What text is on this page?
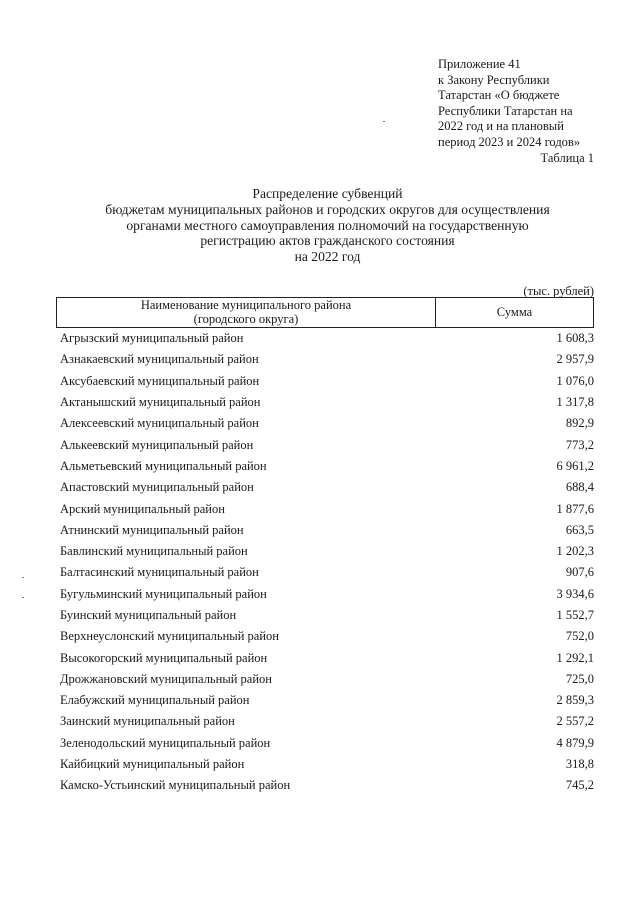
Приложение 41
к Закону Республики
Татарстан «О бюджете
Республики Татарстан на
2022 год и на плановый
период 2023 и 2024 годов»
Таблица 1
Распределение субвенций
бюджетам муниципальных районов и городских округов для осуществления
органами местного самоуправления полномочий на государственную
регистрацию актов гражданского состояния
на 2022 год
(тыс. рублей)
Наименование муниципального района
(городского округа)	Сумма
Агрызский муниципальный район	1 608,3
Азнакаевский муниципальный район	2 957,9
Аксубаевский муниципальный район	1 076,0
Актанышский муниципальный район	1 317,8
Алексеевский муниципальный район	892,9
Алькеевский муниципальный район	773,2
Альметьевский муниципальный район	6 961,2
Апастовский муниципальный район	688,4
Арский муниципальный район	1 877,6
Атнинский муниципальный район	663,5
Бавлинский муниципальный район	1 202,3
Балтасинский муниципальный район	907,6
Бугульминский муниципальный район	3 934,6
Буинский муниципальный район	1 552,7
Верхнеуслонский муниципальный район	752,0
Высокогорский муниципальный район	1 292,1
Дрожжановский муниципальный район	725,0
Елабужский муниципальный район	2 859,3
Заинский муниципальный район	2 557,2
Зеленодольский муниципальный район	4 879,9
Кайбицкий муниципальный район	318,8
Камско-Устьинский муниципальный район	745,2
